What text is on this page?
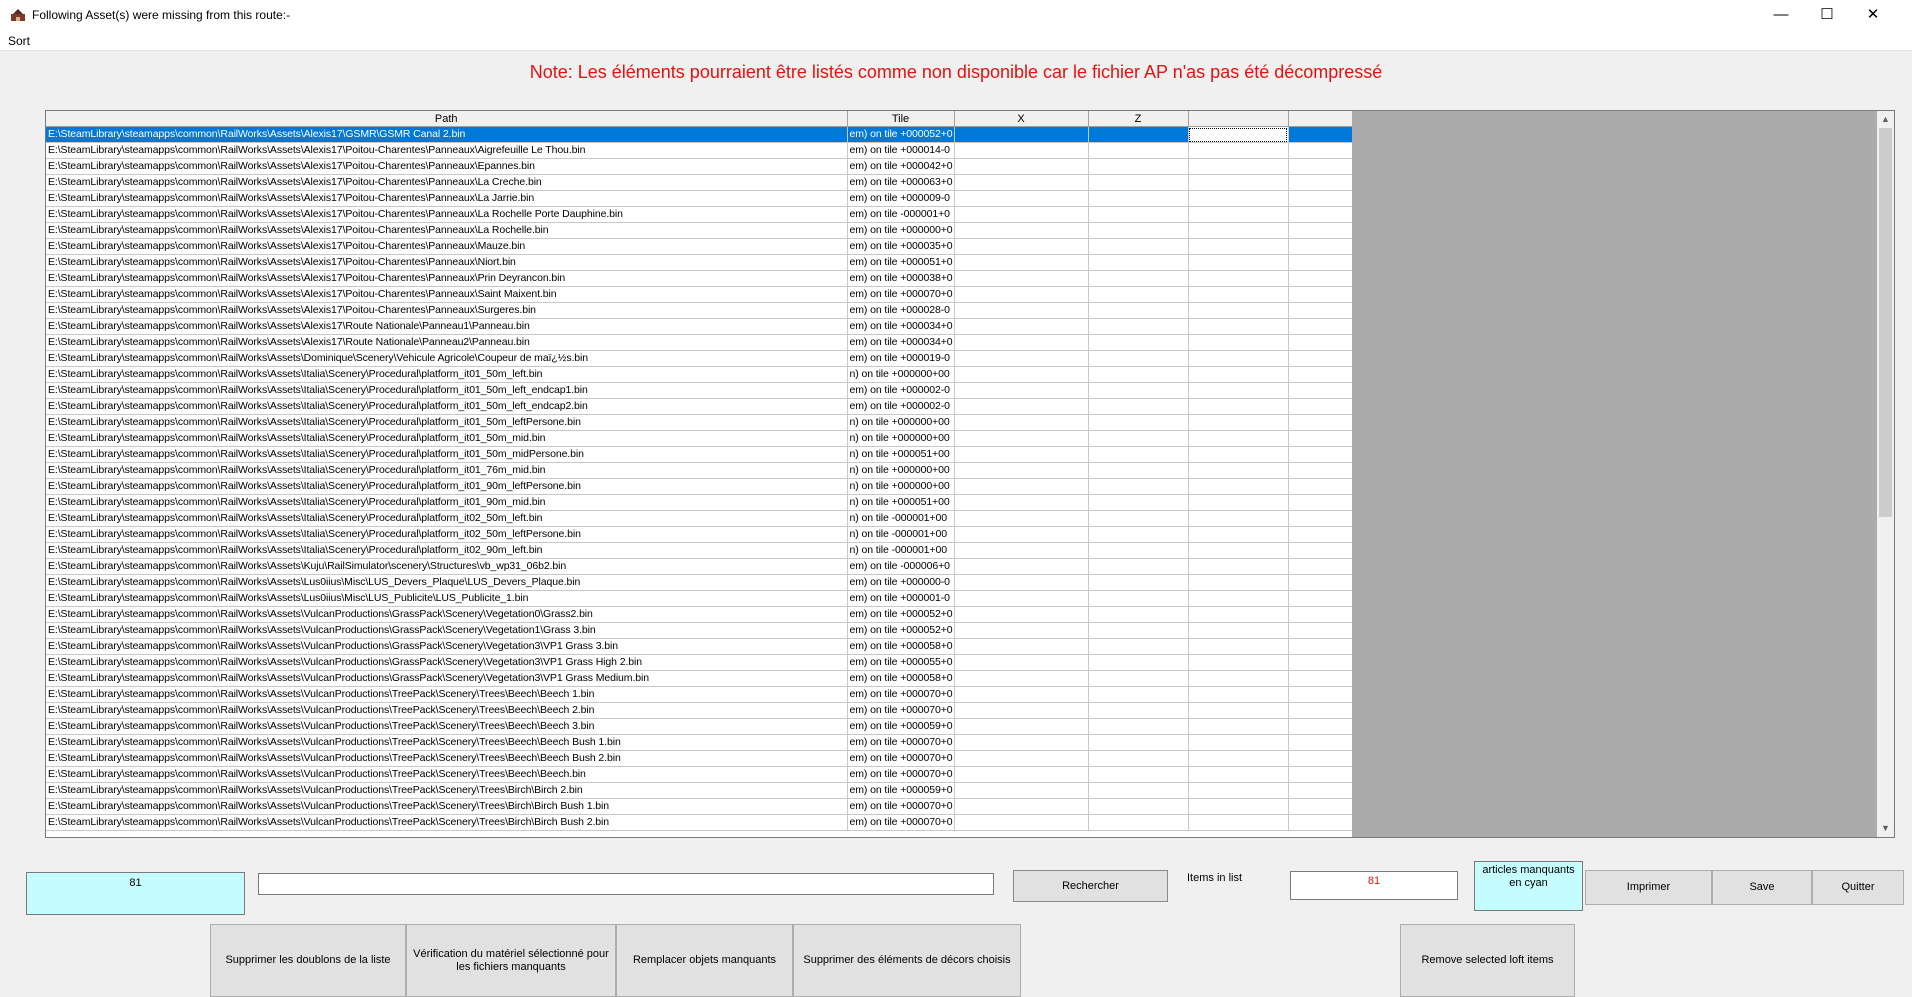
Following Asset(s) were missing from this route:-	—	☐	✕
Sort
Note: Les éléments pourraient être listés comme non disponible car le fichier AP n'as pas été décompressé
Path	Tile	X	Z		
E:\SteamLibrary\steamapps\common\RailWorks\Assets\Alexis17\GSMR\GSMR Canal 2.bin	em) on tile +000052+0				
E:\SteamLibrary\steamapps\common\RailWorks\Assets\Alexis17\Poitou-Charentes\Panneaux\Aigrefeuille Le Thou.bin	em) on tile +000014-0				
E:\SteamLibrary\steamapps\common\RailWorks\Assets\Alexis17\Poitou-Charentes\Panneaux\Epannes.bin	em) on tile +000042+0				
E:\SteamLibrary\steamapps\common\RailWorks\Assets\Alexis17\Poitou-Charentes\Panneaux\La Creche.bin	em) on tile +000063+0				
E:\SteamLibrary\steamapps\common\RailWorks\Assets\Alexis17\Poitou-Charentes\Panneaux\La Jarrie.bin	em) on tile +000009-0				
E:\SteamLibrary\steamapps\common\RailWorks\Assets\Alexis17\Poitou-Charentes\Panneaux\La Rochelle Porte Dauphine.bin	em) on tile -000001+0				
E:\SteamLibrary\steamapps\common\RailWorks\Assets\Alexis17\Poitou-Charentes\Panneaux\La Rochelle.bin	em) on tile +000000+0				
E:\SteamLibrary\steamapps\common\RailWorks\Assets\Alexis17\Poitou-Charentes\Panneaux\Mauze.bin	em) on tile +000035+0				
E:\SteamLibrary\steamapps\common\RailWorks\Assets\Alexis17\Poitou-Charentes\Panneaux\Niort.bin	em) on tile +000051+0				
E:\SteamLibrary\steamapps\common\RailWorks\Assets\Alexis17\Poitou-Charentes\Panneaux\Prin Deyrancon.bin	em) on tile +000038+0				
E:\SteamLibrary\steamapps\common\RailWorks\Assets\Alexis17\Poitou-Charentes\Panneaux\Saint Maixent.bin	em) on tile +000070+0				
E:\SteamLibrary\steamapps\common\RailWorks\Assets\Alexis17\Poitou-Charentes\Panneaux\Surgeres.bin	em) on tile +000028-0				
E:\SteamLibrary\steamapps\common\RailWorks\Assets\Alexis17\Route Nationale\Panneau1\Panneau.bin	em) on tile +000034+0				
E:\SteamLibrary\steamapps\common\RailWorks\Assets\Alexis17\Route Nationale\Panneau2\Panneau.bin	em) on tile +000034+0				
E:\SteamLibrary\steamapps\common\RailWorks\Assets\Dominique\Scenery\Vehicule Agricole\Coupeur de maï¿½s.bin	em) on tile +000019-0				
E:\SteamLibrary\steamapps\common\RailWorks\Assets\Italia\Scenery\Procedural\platform_it01_50m_left.bin	n) on tile +000000+00				
E:\SteamLibrary\steamapps\common\RailWorks\Assets\Italia\Scenery\Procedural\platform_it01_50m_left_endcap1.bin	em) on tile +000002-0				
E:\SteamLibrary\steamapps\common\RailWorks\Assets\Italia\Scenery\Procedural\platform_it01_50m_left_endcap2.bin	em) on tile +000002-0				
E:\SteamLibrary\steamapps\common\RailWorks\Assets\Italia\Scenery\Procedural\platform_it01_50m_leftPersone.bin	n) on tile +000000+00				
E:\SteamLibrary\steamapps\common\RailWorks\Assets\Italia\Scenery\Procedural\platform_it01_50m_mid.bin	n) on tile +000000+00				
E:\SteamLibrary\steamapps\common\RailWorks\Assets\Italia\Scenery\Procedural\platform_it01_50m_midPersone.bin	n) on tile +000051+00				
E:\SteamLibrary\steamapps\common\RailWorks\Assets\Italia\Scenery\Procedural\platform_it01_76m_mid.bin	n) on tile +000000+00				
E:\SteamLibrary\steamapps\common\RailWorks\Assets\Italia\Scenery\Procedural\platform_it01_90m_leftPersone.bin	n) on tile +000000+00				
E:\SteamLibrary\steamapps\common\RailWorks\Assets\Italia\Scenery\Procedural\platform_it01_90m_mid.bin	n) on tile +000051+00				
E:\SteamLibrary\steamapps\common\RailWorks\Assets\Italia\Scenery\Procedural\platform_it02_50m_left.bin	n) on tile -000001+00				
E:\SteamLibrary\steamapps\common\RailWorks\Assets\Italia\Scenery\Procedural\platform_it02_50m_leftPersone.bin	n) on tile -000001+00				
E:\SteamLibrary\steamapps\common\RailWorks\Assets\Italia\Scenery\Procedural\platform_it02_90m_left.bin	n) on tile -000001+00				
E:\SteamLibrary\steamapps\common\RailWorks\Assets\Kuju\RailSimulator\scenery\Structures\vb_wp31_06b2.bin	em) on tile -000006+0				
E:\SteamLibrary\steamapps\common\RailWorks\Assets\Lus0iius\Misc\LUS_Devers_Plaque\LUS_Devers_Plaque.bin	em) on tile +000000-0				
E:\SteamLibrary\steamapps\common\RailWorks\Assets\Lus0iius\Misc\LUS_Publicite\LUS_Publicite_1.bin	em) on tile +000001-0				
E:\SteamLibrary\steamapps\common\RailWorks\Assets\VulcanProductions\GrassPack\Scenery\Vegetation0\Grass2.bin	em) on tile +000052+0				
E:\SteamLibrary\steamapps\common\RailWorks\Assets\VulcanProductions\GrassPack\Scenery\Vegetation1\Grass 3.bin	em) on tile +000052+0				
E:\SteamLibrary\steamapps\common\RailWorks\Assets\VulcanProductions\GrassPack\Scenery\Vegetation3\VP1 Grass 3.bin	em) on tile +000058+0				
E:\SteamLibrary\steamapps\common\RailWorks\Assets\VulcanProductions\GrassPack\Scenery\Vegetation3\VP1 Grass High 2.bin	em) on tile +000055+0				
E:\SteamLibrary\steamapps\common\RailWorks\Assets\VulcanProductions\GrassPack\Scenery\Vegetation3\VP1 Grass Medium.bin	em) on tile +000058+0				
E:\SteamLibrary\steamapps\common\RailWorks\Assets\VulcanProductions\TreePack\Scenery\Trees\Beech\Beech 1.bin	em) on tile +000070+0				
E:\SteamLibrary\steamapps\common\RailWorks\Assets\VulcanProductions\TreePack\Scenery\Trees\Beech\Beech 2.bin	em) on tile +000070+0				
E:\SteamLibrary\steamapps\common\RailWorks\Assets\VulcanProductions\TreePack\Scenery\Trees\Beech\Beech 3.bin	em) on tile +000059+0				
E:\SteamLibrary\steamapps\common\RailWorks\Assets\VulcanProductions\TreePack\Scenery\Trees\Beech\Beech Bush 1.bin	em) on tile +000070+0				
E:\SteamLibrary\steamapps\common\RailWorks\Assets\VulcanProductions\TreePack\Scenery\Trees\Beech\Beech Bush 2.bin	em) on tile +000070+0				
E:\SteamLibrary\steamapps\common\RailWorks\Assets\VulcanProductions\TreePack\Scenery\Trees\Beech\Beech.bin	em) on tile +000070+0				
E:\SteamLibrary\steamapps\common\RailWorks\Assets\VulcanProductions\TreePack\Scenery\Trees\Birch\Birch 2.bin	em) on tile +000059+0				
E:\SteamLibrary\steamapps\common\RailWorks\Assets\VulcanProductions\TreePack\Scenery\Trees\Birch\Birch Bush 1.bin	em) on tile +000070+0				
E:\SteamLibrary\steamapps\common\RailWorks\Assets\VulcanProductions\TreePack\Scenery\Trees\Birch\Birch Bush 2.bin	em) on tile +000070+0				
▲
▼
81	Rechercher
Items in list	81
articles manquants en cyan	Imprimer	Save	Quitter
Supprimer les doublons de la liste
Vérification du matériel sélectionné pour les fichiers manquants
Remplacer objets manquants	Supprimer des éléments de décors choisis	Remove selected loft items
